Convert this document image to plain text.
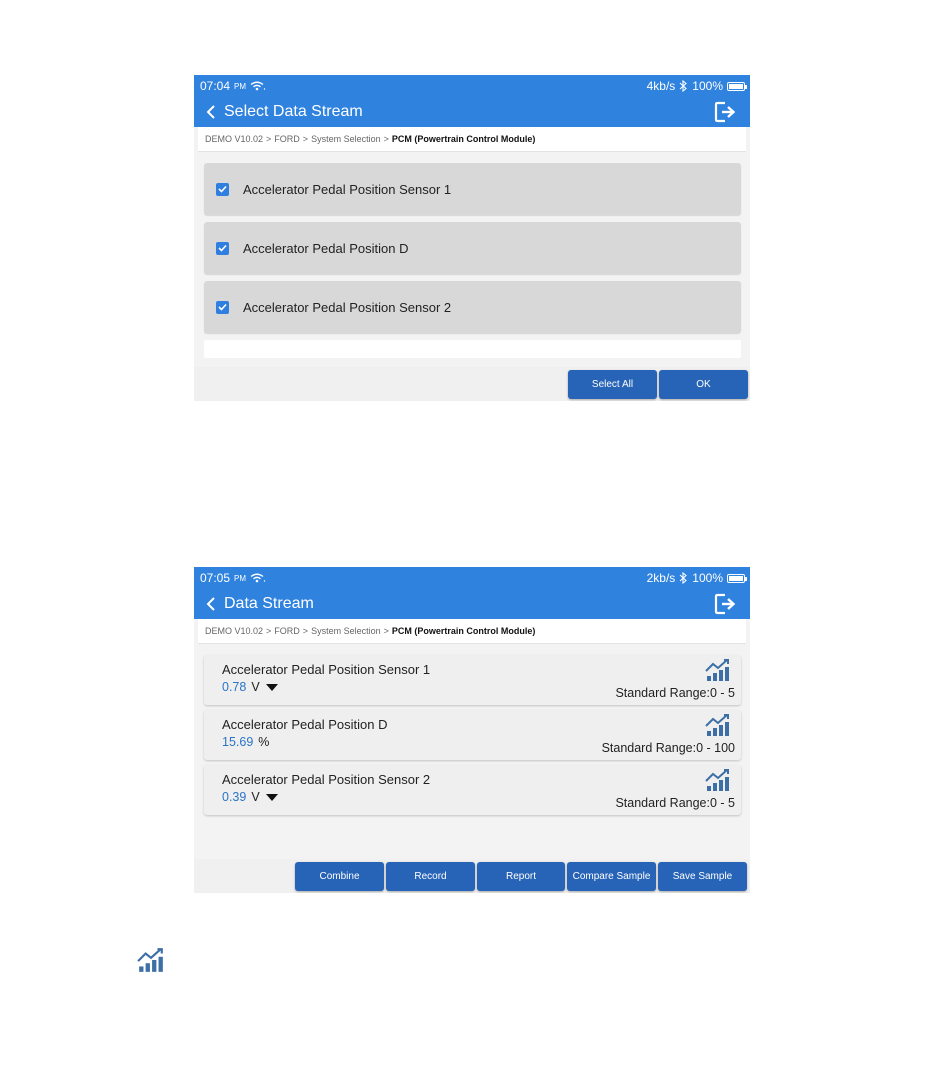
07:04 PM	4kb/s 100%
Select Data Stream
DEMO V10.02 > FORD > System Selection > PCM (Powertrain Control Module)
Accelerator Pedal Position Sensor 1
Accelerator Pedal Position D
Accelerator Pedal Position Sensor 2
Select All	OK
07:05 PM	2kb/s 100%
Data Stream
DEMO V10.02 > FORD > System Selection > PCM (Powertrain Control Module)
Accelerator Pedal Position Sensor 1
0.78 V	Standard Range:0 - 5
Accelerator Pedal Position D
15.69 %	Standard Range:0 - 100
Accelerator Pedal Position Sensor 2
0.39 V	Standard Range:0 - 5
Combine	Record	Report	Compare Sample	Save Sample
